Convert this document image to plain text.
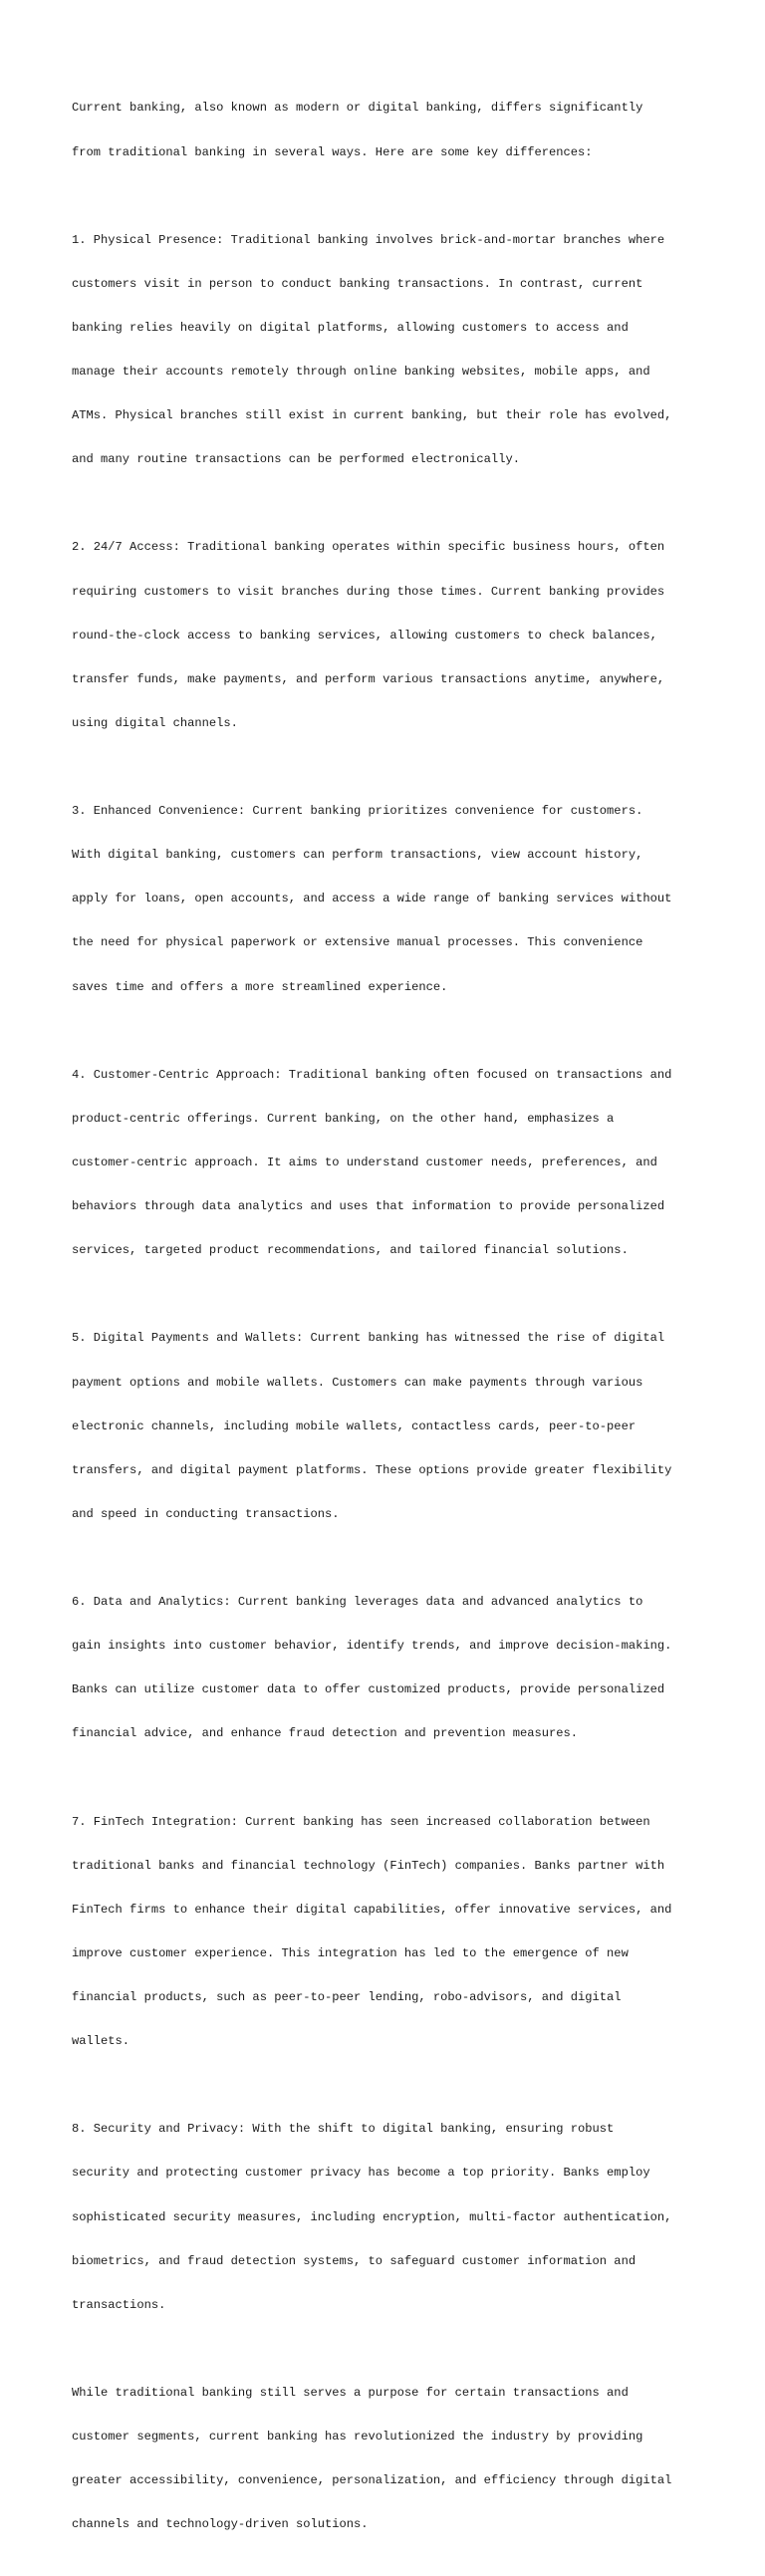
Current banking, also known as modern or digital banking, differs significantly

from traditional banking in several ways. Here are some key differences:

1. Physical Presence: Traditional banking involves brick-and-mortar branches where

customers visit in person to conduct banking transactions. In contrast, current

banking relies heavily on digital platforms, allowing customers to access and

manage their accounts remotely through online banking websites, mobile apps, and

ATMs. Physical branches still exist in current banking, but their role has evolved,

and many routine transactions can be performed electronically.

2. 24/7 Access: Traditional banking operates within specific business hours, often

requiring customers to visit branches during those times. Current banking provides

round-the-clock access to banking services, allowing customers to check balances,

transfer funds, make payments, and perform various transactions anytime, anywhere,

using digital channels.

3. Enhanced Convenience: Current banking prioritizes convenience for customers.

With digital banking, customers can perform transactions, view account history,

apply for loans, open accounts, and access a wide range of banking services without

the need for physical paperwork or extensive manual processes. This convenience

saves time and offers a more streamlined experience.

4. Customer-Centric Approach: Traditional banking often focused on transactions and

product-centric offerings. Current banking, on the other hand, emphasizes a

customer-centric approach. It aims to understand customer needs, preferences, and

behaviors through data analytics and uses that information to provide personalized

services, targeted product recommendations, and tailored financial solutions.

5. Digital Payments and Wallets: Current banking has witnessed the rise of digital

payment options and mobile wallets. Customers can make payments through various

electronic channels, including mobile wallets, contactless cards, peer-to-peer

transfers, and digital payment platforms. These options provide greater flexibility

and speed in conducting transactions.

6. Data and Analytics: Current banking leverages data and advanced analytics to

gain insights into customer behavior, identify trends, and improve decision-making.

Banks can utilize customer data to offer customized products, provide personalized

financial advice, and enhance fraud detection and prevention measures.

7. FinTech Integration: Current banking has seen increased collaboration between

traditional banks and financial technology (FinTech) companies. Banks partner with

FinTech firms to enhance their digital capabilities, offer innovative services, and

improve customer experience. This integration has led to the emergence of new

financial products, such as peer-to-peer lending, robo-advisors, and digital

wallets.

8. Security and Privacy: With the shift to digital banking, ensuring robust

security and protecting customer privacy has become a top priority. Banks employ

sophisticated security measures, including encryption, multi-factor authentication,

biometrics, and fraud detection systems, to safeguard customer information and

transactions.

While traditional banking still serves a purpose for certain transactions and

customer segments, current banking has revolutionized the industry by providing

greater accessibility, convenience, personalization, and efficiency through digital

channels and technology-driven solutions.
